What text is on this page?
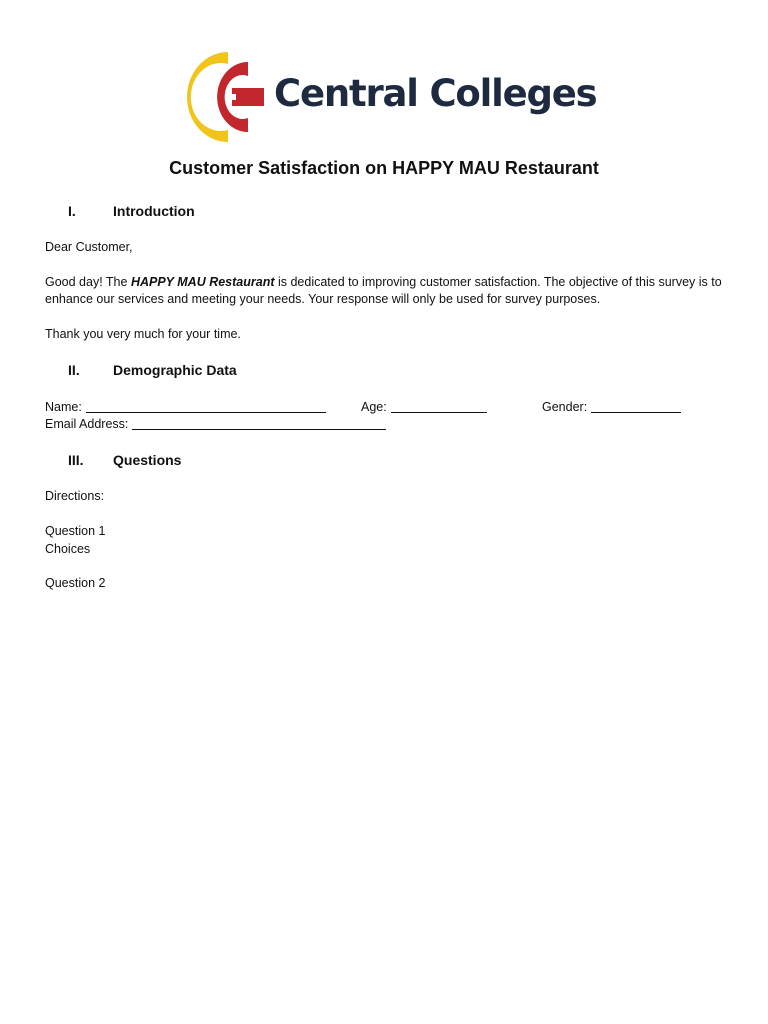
Central Colleges
Customer Satisfaction on HAPPY MAU Restaurant
I.	Introduction
Dear Customer,
Good day! The HAPPY MAU Restaurant is dedicated to improving customer satisfaction. The objective of this survey is to enhance our services and meeting your needs. Your response will only be used for survey purposes.
Thank you very much for your time.
II. Demographic Data
Name:	Age:	Gender:
Email Address:
III. Questions
Directions:
Question 1
Choices
Question 2
